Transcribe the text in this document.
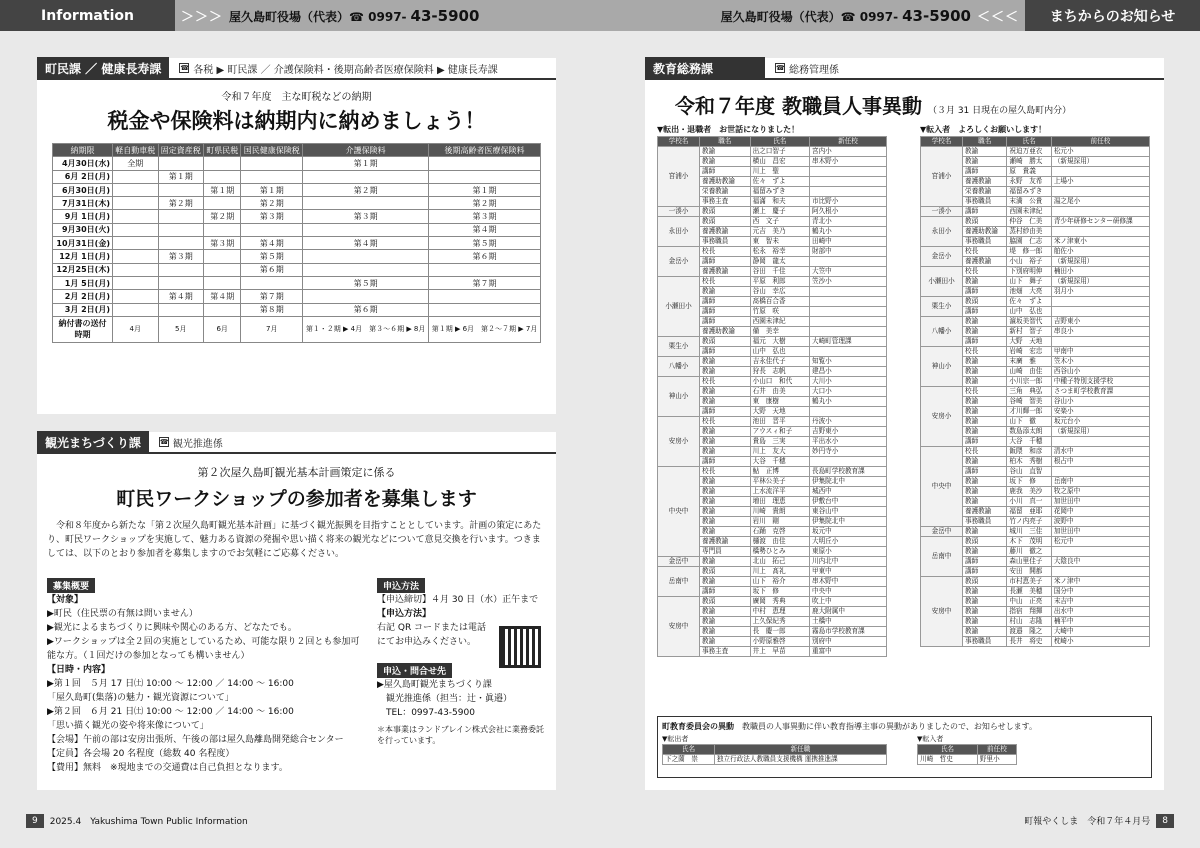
Information	＞＞＞ 屋久島町役場（代表）☎ 0997- 43-5900	屋久島町役場（代表）☎ 0997- 43-5900 ＜＜＜	まちからのお知らせ
町民課 ／ 健康長寿課	☎ 各税 ▶ 町民課 ／ 介護保険料・後期高齢者医療保険料 ▶ 健康長寿課
令和７年度　主な町税などの納期
税金や保険料は納期内に納めましょう！
納期限	軽自動車税	固定資産税	町県民税	国民健康保険税	介護保険料	後期高齢者医療保険料
4月30日(水)	全期				第１期	
6月 2日(月)		第１期				
6月30日(月)			第１期	第１期	第２期	第１期
7月31日(木)		第２期		第２期		第２期
9月 1日(月)			第２期	第３期	第３期	第３期
9月30日(火)						第４期
10月31日(金)			第３期	第４期	第４期	第５期
12月 1日(月)		第３期		第５期		第６期
12月25日(木)				第６期		
1月 5日(月)					第５期	第７期
2月 2日(月)		第４期	第４期	第７期		
3月 2日(月)				第８期	第６期	
納付書の送付時期	4月	5月	6月	7月	第１・２期 ▶ 4月　第３〜６期 ▶ 8月	第１期 ▶ 6月　第２〜７期 ▶ 7月
観光まちづくり課	☎ 観光推進係
第２次屋久島町観光基本計画策定に係る
町民ワークショップの参加者を募集します
令和８年度から新たな「第２次屋久島町観光基本計画」に基づく観光振興を目指すこととしています。計画の策定にあたり、町民ワークショップを実施して、魅力ある資源の発掘や思い描く将来の観光などについて意見交換を行います。つきましては、以下のとおり参加者を募集しますのでお気軽にご応募ください。
募集概要
【対象】
▶町民（住民票の有無は問いません）
▶観光によるまちづくりに興味や関心のある方、どなたでも。
▶ワークショップは全２回の実施としているため、可能な限り２回とも参加可能な方。（１回だけの参加となっても構いません）
【日時・内容】
▶第１回　５月 17 日㈯ 10:00 〜 12:00 ／ 14:00 〜 16:00
「屋久島町(集落)の魅力・観光資源について」
▶第２回　６月 21 日㈯ 10:00 〜 12:00 ／ 14:00 〜 16:00
「思い描く観光の姿や将来像について」
【会場】午前の部は安房出張所、午後の部は屋久島離島開発総合センター
【定員】各会場 20 名程度（総数 40 名程度）
【費用】無料　※現地までの交通費は自己負担となります。
申込方法
【申込締切】４月 30 日（水）正午まで
【申込方法】
右記 QR コードまたは電話にてお申込みください。
申込・問合せ先
▶屋久島町観光まちづくり課
　観光推進係（担当：辻・眞邉）
　TEL：0997-43-5900
＊本事業はランドブレイン株式会社に業務委託を行っています。
教育総務課	☎ 総務管理係
令和７年度 教職員人事異動 （３月 31 日現在の屋久島町内分）
▼転出・退職者　お世話になりました！	▼転入者　よろしくお願いします！
学校名	職名	氏名	新任校
宮浦小	教諭	出之口智子	宮内小
	教諭	横山　昌宏	串木野小
	講師	川上　聖	
	養護助教諭	佐々　ずよ	
	栄養教諭	福留みずき	
	事務主査	福滿　和夫	市比野小
一湊小	教頭	瀬上　慶子	阿久根小
永田小	教頭	西　文子	青北小
	養護教諭	元吉　美乃	鶴丸小
	事務職員	東　智未	田崎中
金岳小	校長	松永　裕幸	財部中
	講師	静岡　龍太	
	養護教諭	谷田　千佳	大笠中
小瀬田小	校長	平原　利郎	笠沙小
	教諭	谷山　幸広	
	講師	髙橋百合香	
	講師	竹原　咲	
	講師	西園未津紀	
	養護助教諭	備　美幸	
栗生小	教頭	福元　大樹	大崎町管理課
	講師	山中　弘也	
八幡小	教諭	吉永佳代子	知覧小
	教諭	狩長　志帆	建昌小
神山小	校長	小山口　和代	大川小
	教諭	石井　由美	大口小
	教諭	東　康樹	鶴丸小
	講師	大野　天地	
安房小	校長	池田　晋平	丹波小
	教諭	アウスィ和子	吉野東小
	教諭	貴島　三実	平出水小
	教諭	川上　友大	妙円寺小
	講師	大谷　千穂	
中央中	校長	鮎　正博	長島町学校教育課
	教諭	平林公美子	伊集院北中
	教諭	上水流洋平	城西中
	教諭	増田　理恵	伊敷台中
	教諭	川崎　貴朗	東谷山中
	教諭	岩川　剛	伊集院北中
	教諭	石踊　克啓	坂元中
	養護教諭	樋渡　由佳	大明丘小
	専門員	橋勢ひとみ	東原小
金岳中	教諭	北山　拓己	川内北中
岳南中	教頭	川上　髙礼	甲東中
	教諭	山下　裕介	串木野中
	講師	坂下　修	中央中
安房中	教頭	廣岡　秀典	吹上中
	教諭	中村　恵理	鹿大附属中
	教諭	上久保紀秀	土橋中
	教諭	長　慶一郎	霧島市学校教育課
	教諭	小野原雅啓	別府中
	事務主査	井上　早苗	重富中
学校名	職名	氏名	前任校
宮浦小	教諭	祝迫万亜衣	松元小
	教諭	瀬崎　勝太	（新規採用）
	講師	原　貴義	
	養護教諭	永野　友希	上場小
	栄養教諭	福留みずき	
	事務職員	末満　公貴	湯之尾小
一湊小	講師	西園未津紀	
永田小	教頭	仲谷　仁美	青少年研修センター研修課
	養護助教諭	蒸村紗由美	
	事務職員	脇園　仁志	米ノ津東小
金岳小	校長	堤　修一郎	舶佐小
	養護教諭	小山　裕子	（新規採用）
小瀬田小	校長	下別府明伸	楠田小
	教諭	山下　舞子	（新規採用）
	講師	池畑　大亮	羽月小
栗生小	教頭	佐々　ずよ	
	講師	山中　弘也	
八幡小	教諭	濵坂美智代	吉野東小
	教諭	新村　智子	串良小
	講師	大野　天地	
神山小	校長	岩崎　宏忠	甲南中
	教諭	末廣　雅	笠木小
	教諭	山崎　由佳	西谷山小
	教諭	小川宗一郎	中種子特別支援学校
安房小	校長	三角　典弘	さつま町学校教育課
	教諭	谷崎　智美	谷山小
	教諭	才川輝一郎	安楽小
	教諭	山下　徹	坂元台小
	教諭	数島添太朗	（新規採用）
	講師	大谷　千穂	
中央中	校長	飯隈　和彦	清水中
	教諭	柏木　秀樹	根占中
	講師	谷山　直智	
	教諭	坂下　修	岳南中
	教諭	鹿我　美沙	牧之原中
	教諭	小川　真一	加世田中
	養護教諭	福留　亜耶	花岡中
	事務職員	竹ノ内亮子	波野中
金岳中	教諭	城川　三佳	加世田中
岳南中	教頭	木下　茂明	松元中
	教諭	藤川　徹之	
	講師	森山里佳子	大陰良中
	講師	安田　開都	
安房中	教頭	市村恵美子	米ノ津中
	教諭	長瀬　美穂	国分中
	教諭	中山　正亮	末吉中
	教諭	指宿　翔揮	出水中
	教諭	村山　志隆	楠平中
	教諭	渡邉　隆之	大崎中
	事務職員	長井　将史	枕崎小
町教育委員会の異動　 教職員の人事異動に伴い教育指導主事の異動がありましたので、お知らせします。
▼転出者
氏名	新任職
下之薗　崇	独立行政法人教職員支援機構 運携推進課
▼転入者
氏名	前任校
川崎　哲史	野里小
9	2025.4　Yakushima Town Public Information	町報やくしま　令和７年４月号	8
